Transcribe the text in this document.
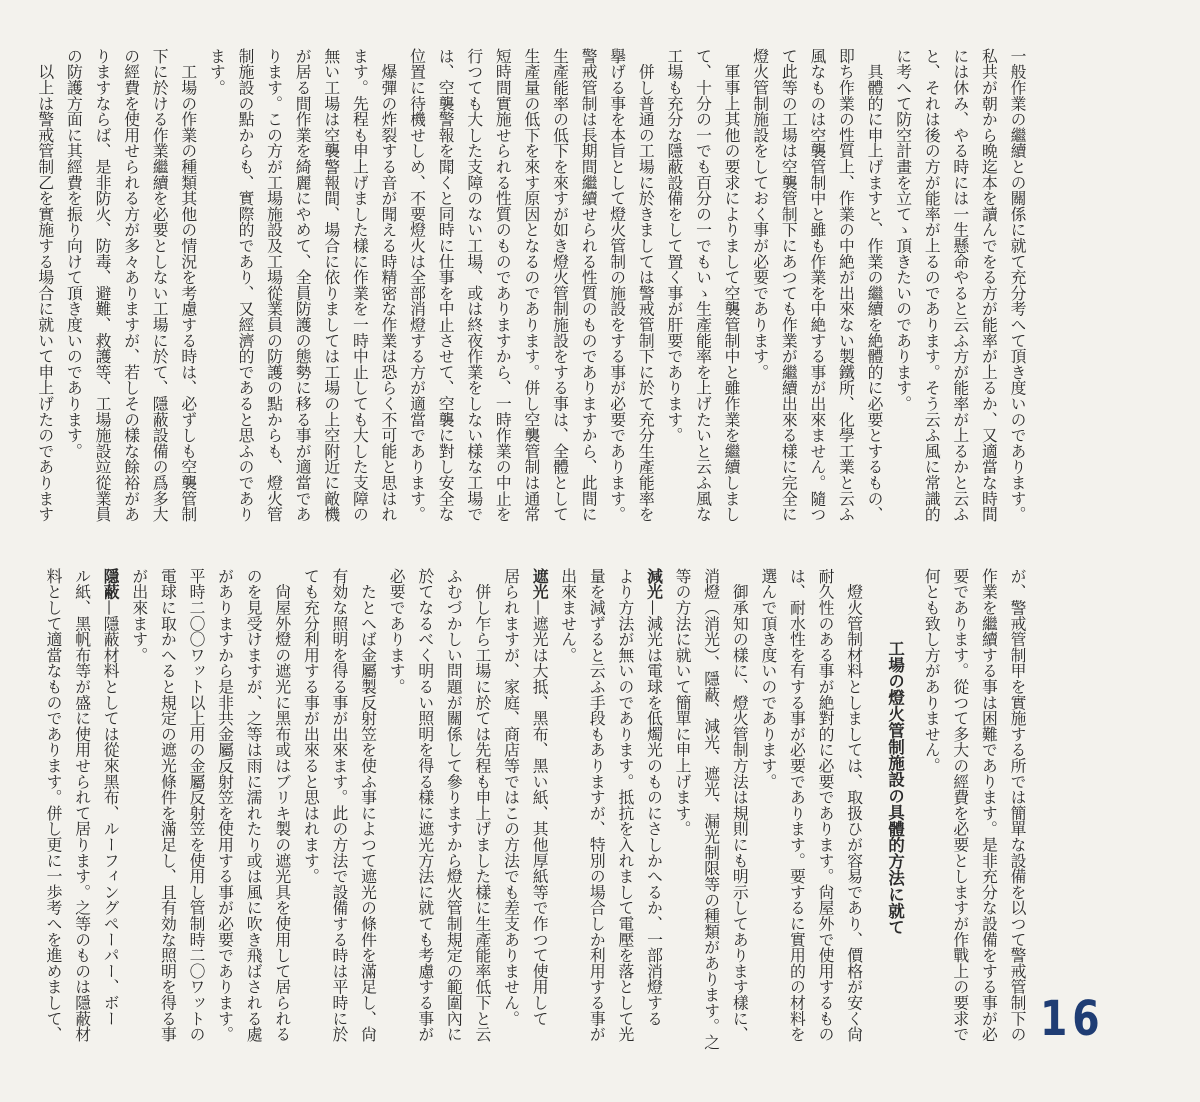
一般作業の繼續との關係に就て充分考へて頂き度いのであります。
私共が朝から晩迄本を讀んでをる方が能率が上るか、又適當な時間
には休み、やる時には一生懸命やると云ふ方が能率が上るかと云ふ
と、それは後の方が能率が上るのであります。そう云ふ風に常識的
に考へて防空計畫を立てゝ頂きたいのであります。
　具體的に申上げますと、作業の繼續を絶體的に必要とするもの、
即ち作業の性質上、作業の中絶が出來ない製鐵所、化學工業と云ふ
風なものは空襲管制中と雖も作業を中絶する事が出來ません。隨つ
て此等の工場は空襲管制下にあつても作業が繼續出來る樣に完全に
燈火管制施設をしておく事が必要であります。
　軍事上其他の要求によりまして空襲管制中と雖作業を繼續しまし
て、十分の一でも百分の一でもいゝ生產能率を上げたいと云ふ風な
工場も充分な隱蔽設備をして置く事が肝要であります。
　併し普通の工場に於きましては警戒管制下に於て充分生產能率を
擧げる事を本旨として燈火管制の施設をする事が必要であります。
警戒管制は長期間繼續せられる性質のものでありますから、此間に
生產能率の低下を來すが如き燈火管制施設をする事は、全體として
生產量の低下を來す原因となるのであります。併し空襲管制は通常
短時間實施せられる性質のものでありますから、一時作業の中止を
行つても大した支障のない工場、或は終夜作業をしない樣な工場で
は、空襲警報を聞くと同時に仕事を中止させて、空襲に對し安全な
位置に待機せしめ、不要燈火は全部消燈する方が適當であります。
　爆彈の炸裂する音が聞える時精密な作業は恐らく不可能と思はれ
ます。先程も申上げました樣に作業を一時中止しても大した支障の
無い工場は空襲警報間、場合に依りましては工場の上空附近に敵機
が居る間作業を綺麗にやめて、全員防護の態勢に移る事が適當であ
ります。この方が工場施設及工場從業員の防護の點からも、燈火管
制施設の點からも、實際的であり、又經濟的であると思ふのであり
ます。
　工場の作業の種類其他の情況を考慮する時は、必ずしも空襲管制
下に於ける作業繼續を必要としない工場に於て、隱蔽設備の爲多大
の經費を使用せられる方が多々ありますが、若しその樣な餘裕があ
りますならば、是非防火、防毒、避難、救護等、工場施設竝從業員
の防護方面に其經費を振り向けて頂き度いのであります。
　以上は警戒管制乙を實施する場合に就いて申上げたのであります
が、警戒管制甲を實施する所では簡單な設備を以つて警戒管制下の
作業を繼續する事は困難であります。是非充分な設備をする事が必
要であります。從つて多大の經費を必要としますが作戰上の要求で
何とも致し方がありません。
工場の燈火管制施設の具體的方法に就て
　燈火管制材料としましては、取扱ひが容易であり、價格が安く尙
耐久性のある事が絶對的に必要であります。尙屋外で使用するもの
は、耐水性を有する事が必要であります。要するに實用的の材料を
選んで頂き度いのであります。
　御承知の樣に、燈火管制方法は規則にも明示してあります樣に、
消燈（消光）、隱蔽、減光、遮光、漏光制限等の種類があります。之
等の方法に就いて簡單に申上げます。
減光—減光は電球を低燭光のものにさしかへるか、一部消燈する
より方法が無いのであります。抵抗を入れまして電壓を落として光
量を減ずると云ふ手段もありますが、特別の場合しか利用する事が
出來ません。
遮光—遮光は大抵、黑布、黑い紙、其他厚紙等で作つて使用して
居られますが、家庭、商店等ではこの方法でも差支ありません。
　併し乍ら工場に於ては先程も申上げました樣に生產能率低下と云
ふむづかしい問題が關係して參りますから燈火管制規定の範圍內に
於てなるべく明るい照明を得る樣に遮光方法に就ても考慮する事が
必要であります。
　たとへば金屬製反射笠を使ふ事によつて遮光の條件を滿足し、尙
有効な照明を得る事が出來ます。此の方法で設備する時は平時に於
ても充分利用する事が出來ると思はれます。
　尙屋外燈の遮光に黑布或はブリキ製の遮光具を使用して居られる
のを見受けますが、之等は雨に濡れたり或は風に吹き飛ばされる處
がありますから是非共金屬反射笠を使用する事が必要であります。
平時二〇〇ワット以上用の金屬反射笠を使用し管制時二〇ワットの
電球に取かへると規定の遮光條件を滿足し、且有効な照明を得る事
が出來ます。
隱蔽—隱蔽材料としては從來黑布、ルーフィングペーパー、ボー
ル紙、黑帆布等が盛に使用せられて居ります。之等のものは隱蔽材
料として適當なものであります。併し更に一歩考へを進めまして、	16
